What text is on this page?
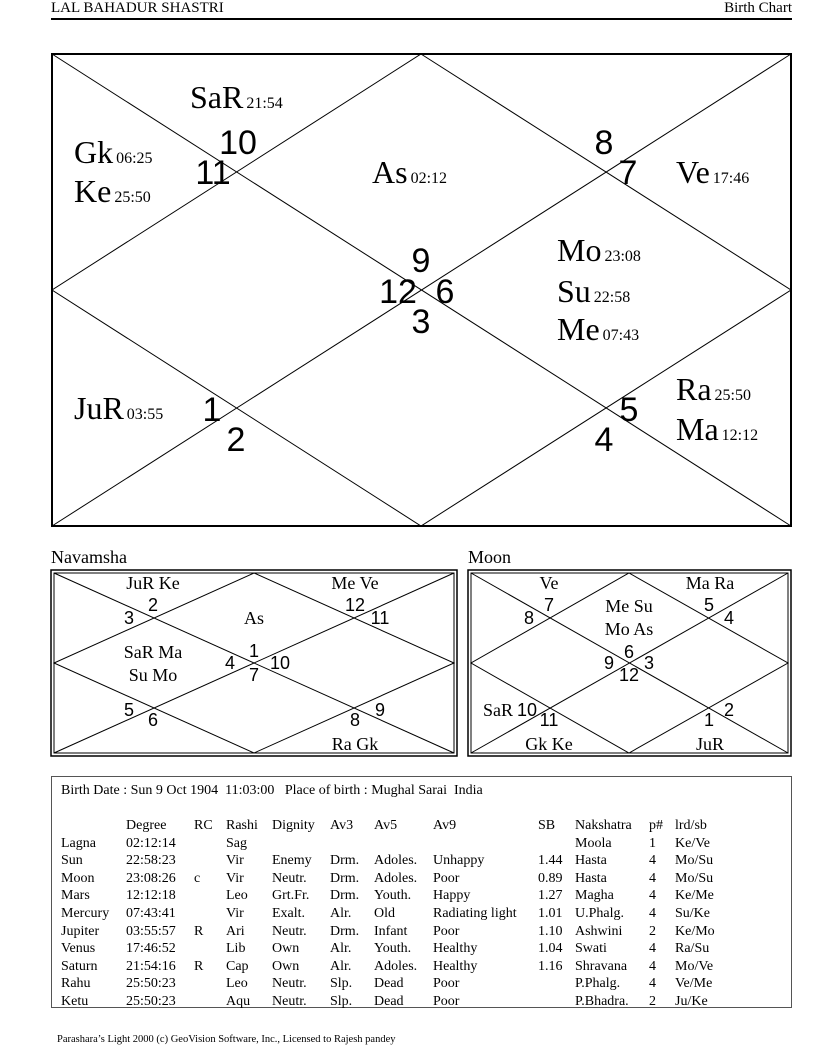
LAL BAHADUR SHASTRI	Birth Chart
9
12 6
3
10
11
8
7
1
2
5
4
As 02:12
SaR 21:54
Gk 06:25
Ke 25:50
Ve 17:46
Mo 23:08
Su 22:58
Me 07:43
JuR 03:55
Ra 25:50
Ma 12:12
JuR Ke	Me Ve
As
SaR Ma
Su Mo
Ra Gk
3
2	12
11
1
4
7
10
5 6	8 9
Ve	Ma Ra
Me Su
Mo As
SaR
Gk Ke	JuR
8
7	5
4
6
9 3
12
10 11	1 2
Navamsha	Moon
Birth Date : Sun 9 Oct 1904  11:03:00 Place of birth : Mughal Sarai  India
	Degree	RC	Rashi	Dignity	Av3	Av5	Av9	SB	Nakshatra	p#	lrd/sb
Lagna	02:12:14		Sag						Moola	1	Ke/Ve
Sun	22:58:23		Vir	Enemy	Drm.	Adoles.	Unhappy	1.44	Hasta	4	Mo/Su
Moon	23:08:26	c	Vir	Neutr.	Drm.	Adoles.	Poor	0.89	Hasta	4	Mo/Su
Mars	12:12:18		Leo	Grt.Fr.	Drm.	Youth.	Happy	1.27	Magha	4	Ke/Me
Mercury	07:43:41		Vir	Exalt.	Alr.	Old	Radiating light	1.01	U.Phalg.	4	Su/Ke
Jupiter	03:55:57	R	Ari	Neutr.	Drm.	Infant	Poor	1.10	Ashwini	2	Ke/Mo
Venus	17:46:52		Lib	Own	Alr.	Youth.	Healthy	1.04	Swati	4	Ra/Su
Saturn	21:54:16	R	Cap	Own	Alr.	Adoles.	Healthy	1.16	Shravana	4	Mo/Ve
Rahu	25:50:23		Leo	Neutr.	Slp.	Dead	Poor		P.Phalg.	4	Ve/Me
Ketu	25:50:23		Aqu	Neutr.	Slp.	Dead	Poor		P.Bhadra.	2	Ju/Ke
Parashara’s Light 2000 (c) GeoVision Software, Inc., Licensed to Rajesh pandey
